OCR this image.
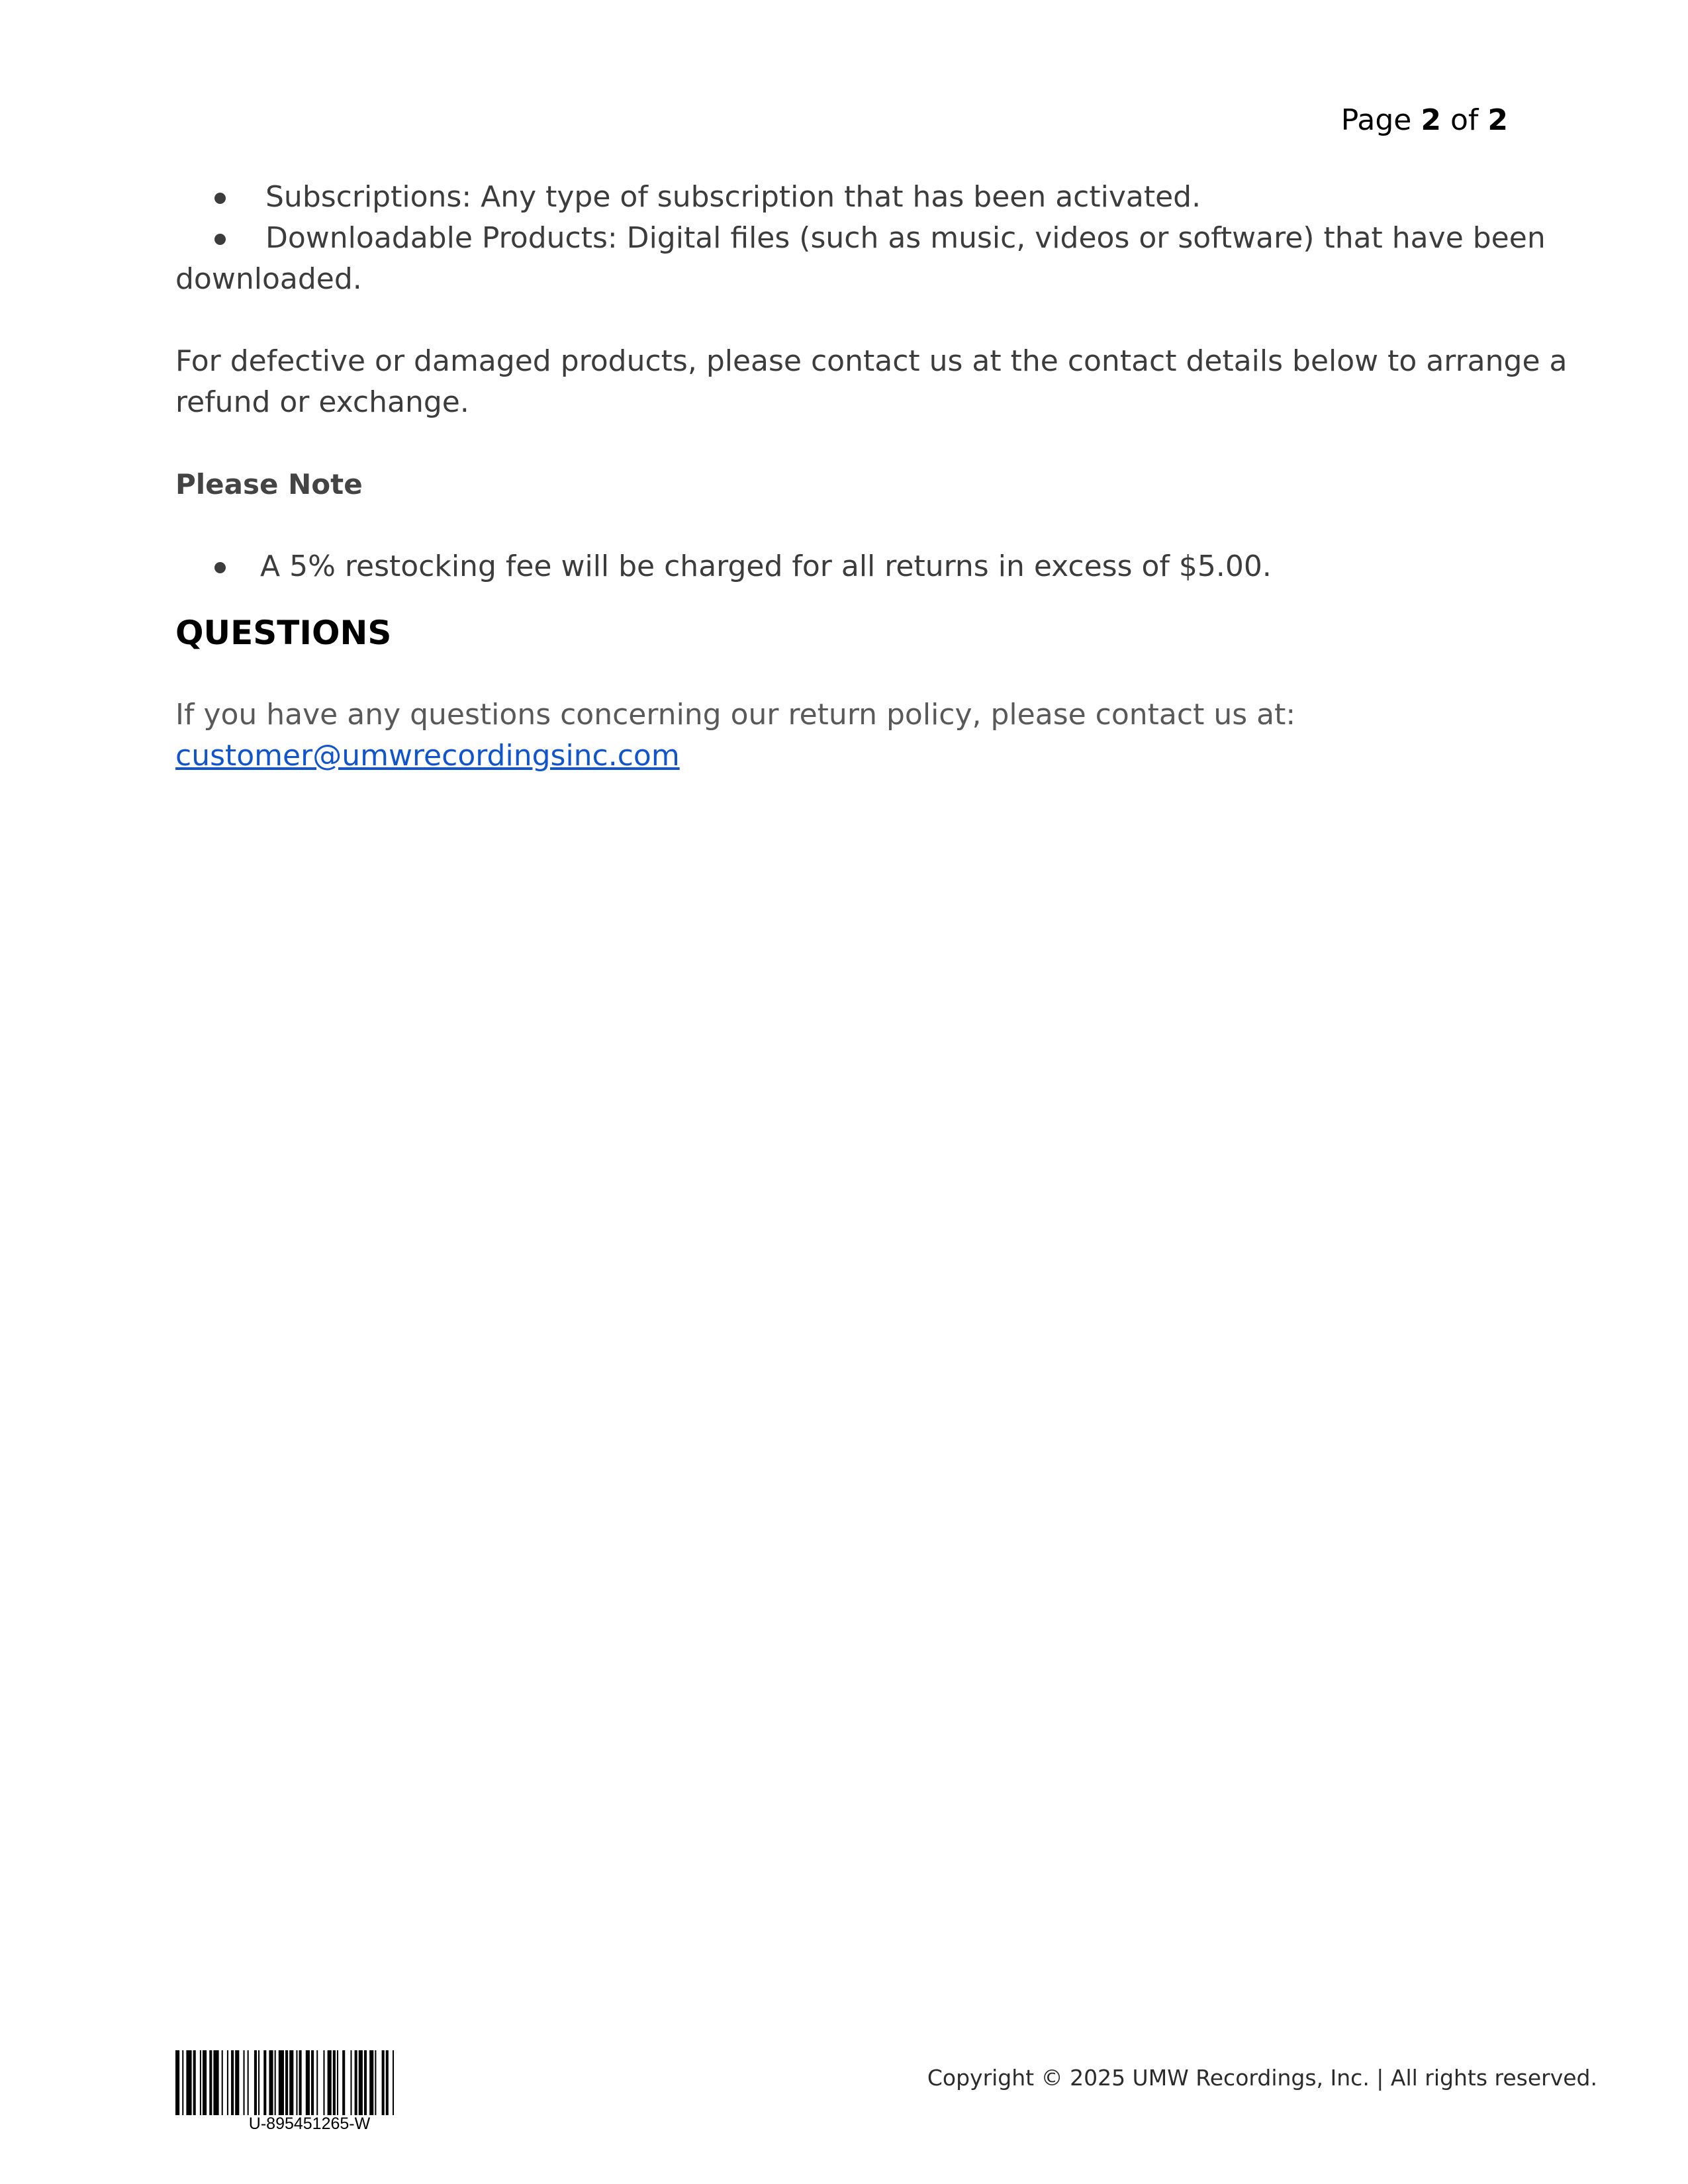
Page 2 of 2
Subscriptions: Any type of subscription that has been activated.
Downloadable Products: Digital files (such as music, videos or software) that have been
downloaded.
For defective or damaged products, please contact us at the contact details below to arrange a
refund or exchange.
Please Note
A 5% restocking fee will be charged for all returns in excess of $5.00.
QUESTIONS
If you have any questions concerning our return policy, please contact us at:
customer@umwrecordingsinc.com
U-895451265-W
Copyright © 2025 UMW Recordings, Inc. | All rights reserved.
